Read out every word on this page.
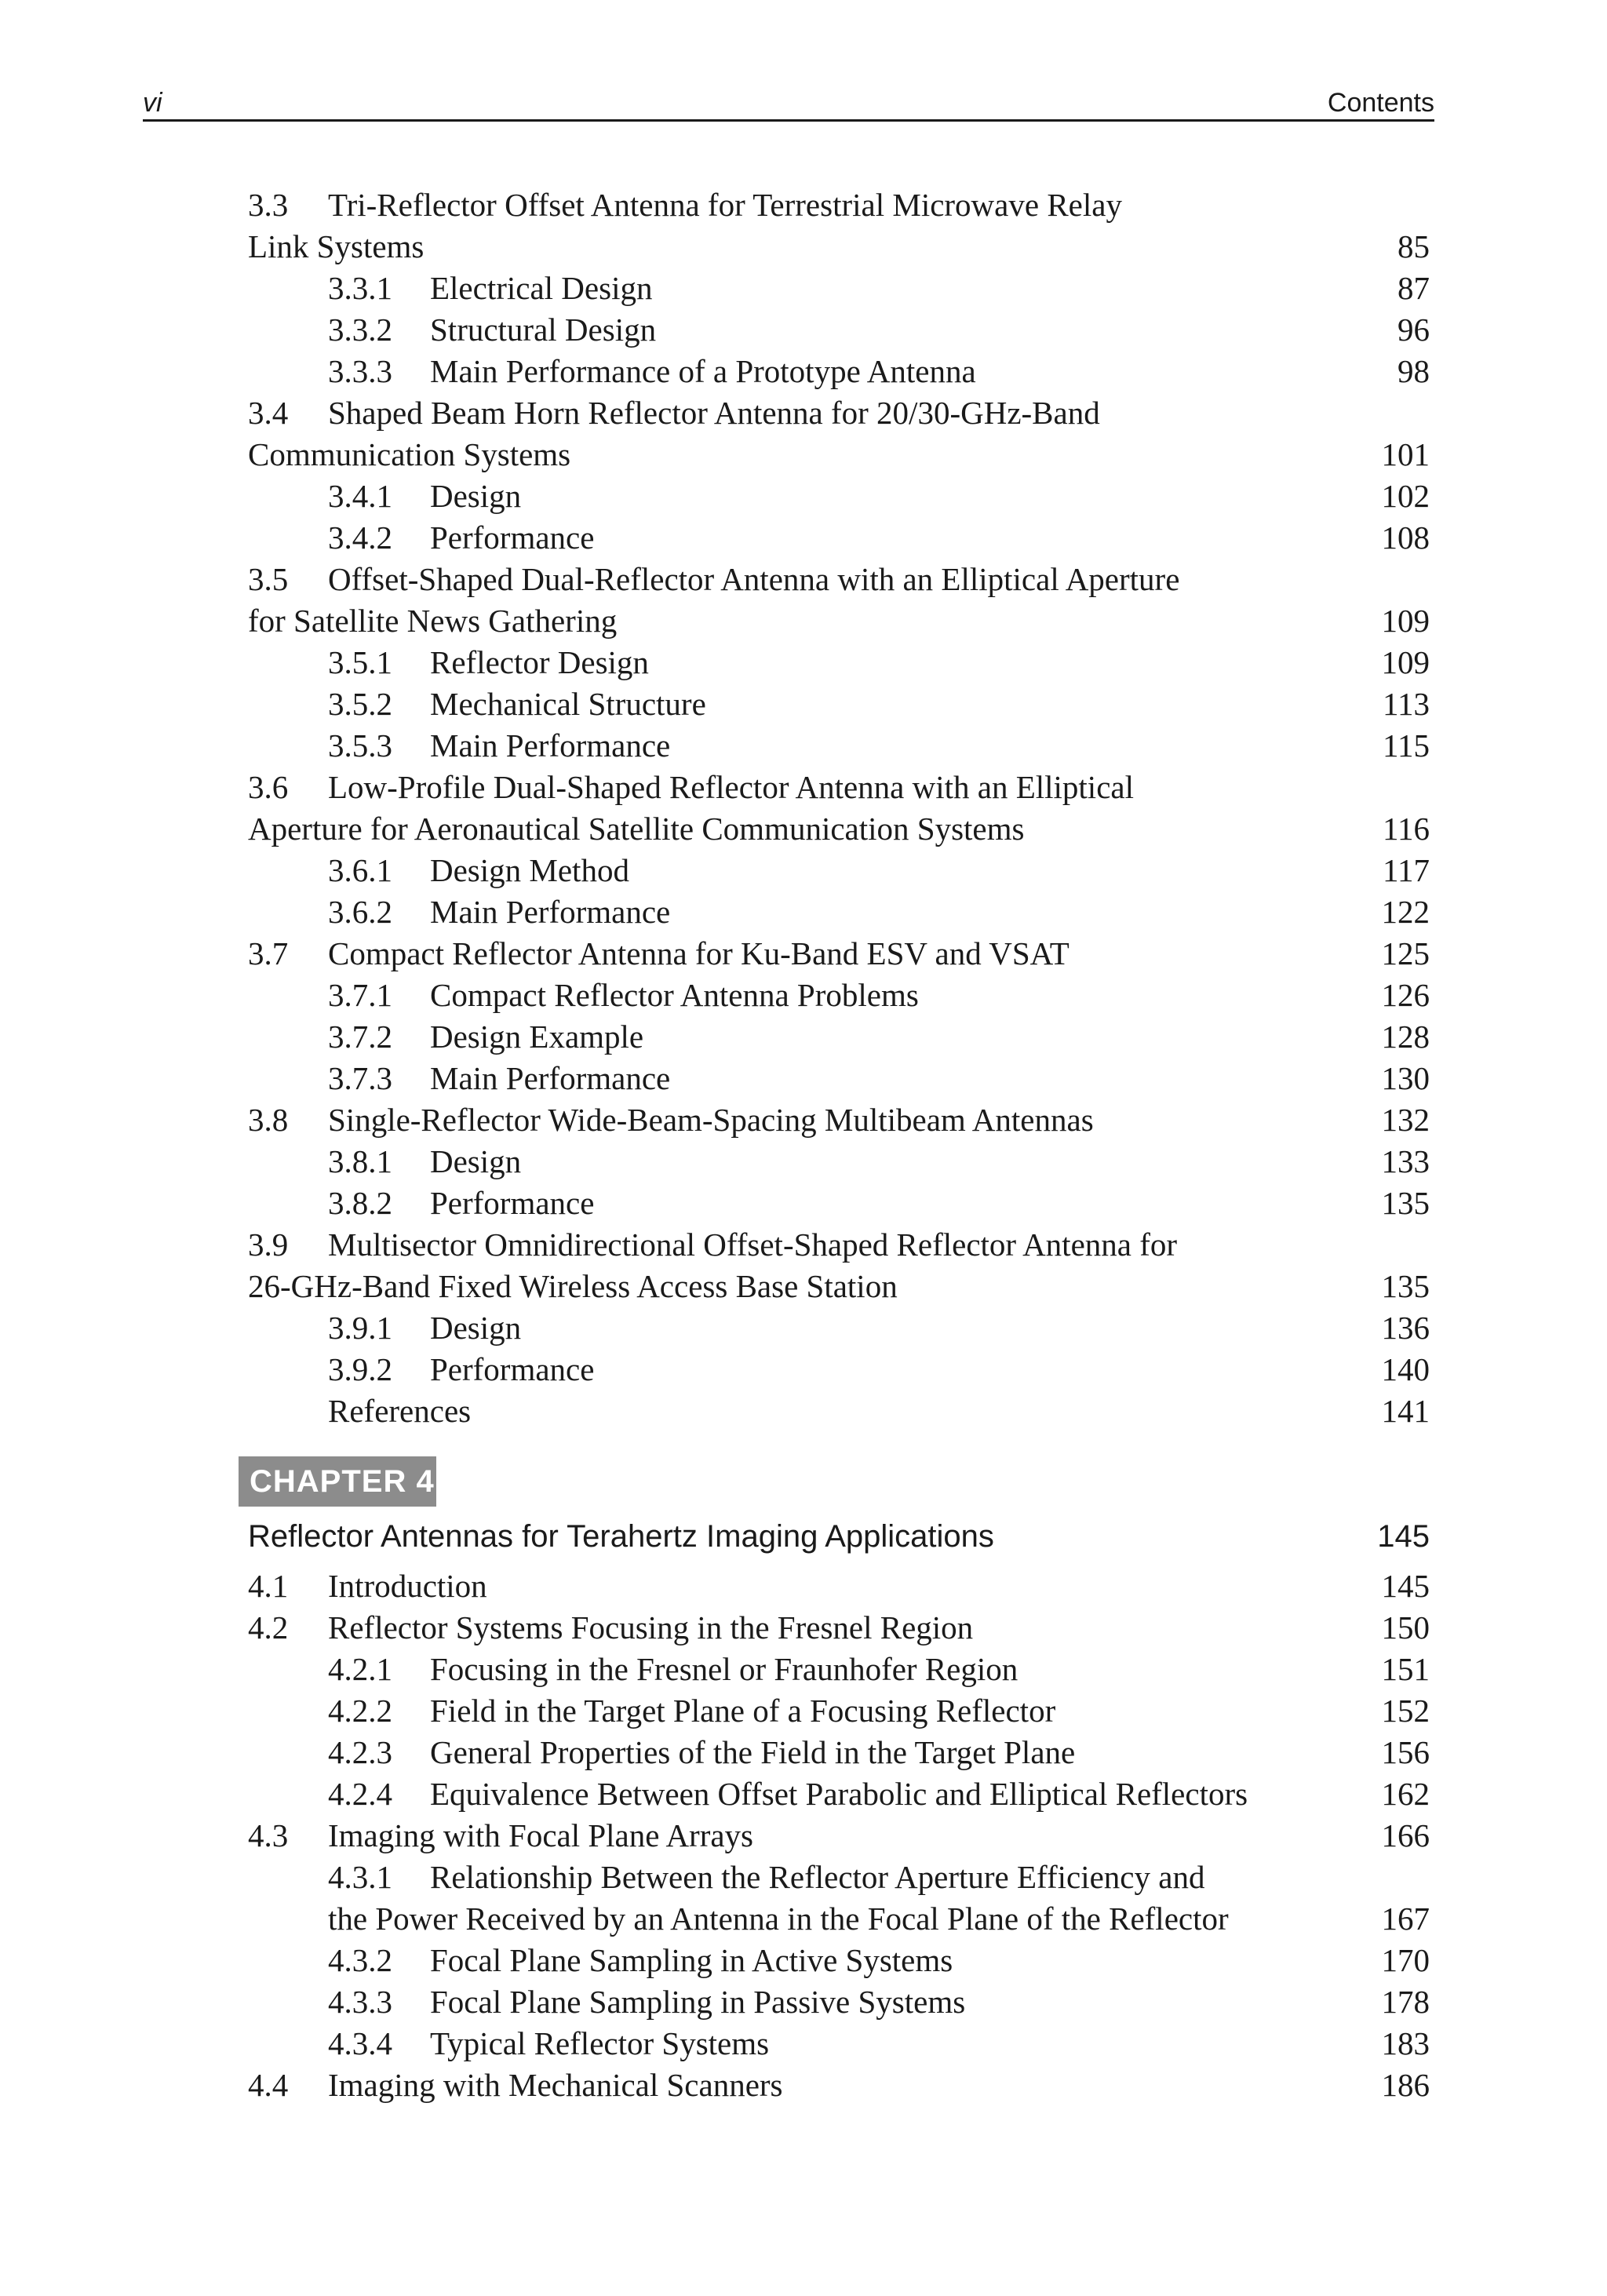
vi	Contents
3.3 Tri-Reflector Offset Antenna for Terrestrial Microwave Relay
Link Systems	85
3.3.1 Electrical Design	87
3.3.2 Structural Design	96
3.3.3 Main Performance of a Prototype Antenna	98
3.4 Shaped Beam Horn Reflector Antenna for 20/30-GHz-Band
Communication Systems	101
3.4.1 Design	102
3.4.2 Performance	108
3.5 Offset-Shaped Dual-Reflector Antenna with an Elliptical Aperture
for Satellite News Gathering	109
3.5.1 Reflector Design	109
3.5.2 Mechanical Structure	113
3.5.3 Main Performance	115
3.6 Low-Profile Dual-Shaped Reflector Antenna with an Elliptical
Aperture for Aeronautical Satellite Communication Systems	116
3.6.1 Design Method	117
3.6.2 Main Performance	122
3.7 Compact Reflector Antenna for Ku-Band ESV and VSAT	125
3.7.1 Compact Reflector Antenna Problems	126
3.7.2 Design Example	128
3.7.3 Main Performance	130
3.8 Single-Reflector Wide-Beam-Spacing Multibeam Antennas	132
3.8.1 Design	133
3.8.2 Performance	135
3.9 Multisector Omnidirectional Offset-Shaped Reflector Antenna for
26-GHz-Band Fixed Wireless Access Base Station	135
3.9.1 Design	136
3.9.2 Performance	140
References	141
CHAPTER 4
Reflector Antennas for Terahertz Imaging Applications	145
4.1 Introduction	145
4.2 Reflector Systems Focusing in the Fresnel Region	150
4.2.1 Focusing in the Fresnel or Fraunhofer Region	151
4.2.2 Field in the Target Plane of a Focusing Reflector	152
4.2.3 General Properties of the Field in the Target Plane	156
4.2.4 Equivalence Between Offset Parabolic and Elliptical Reflectors	162
4.3 Imaging with Focal Plane Arrays	166
4.3.1 Relationship Between the Reflector Aperture Efficiency and
the Power Received by an Antenna in the Focal Plane of the Reflector	167
4.3.2 Focal Plane Sampling in Active Systems	170
4.3.3 Focal Plane Sampling in Passive Systems	178
4.3.4 Typical Reflector Systems	183
4.4 Imaging with Mechanical Scanners	186
